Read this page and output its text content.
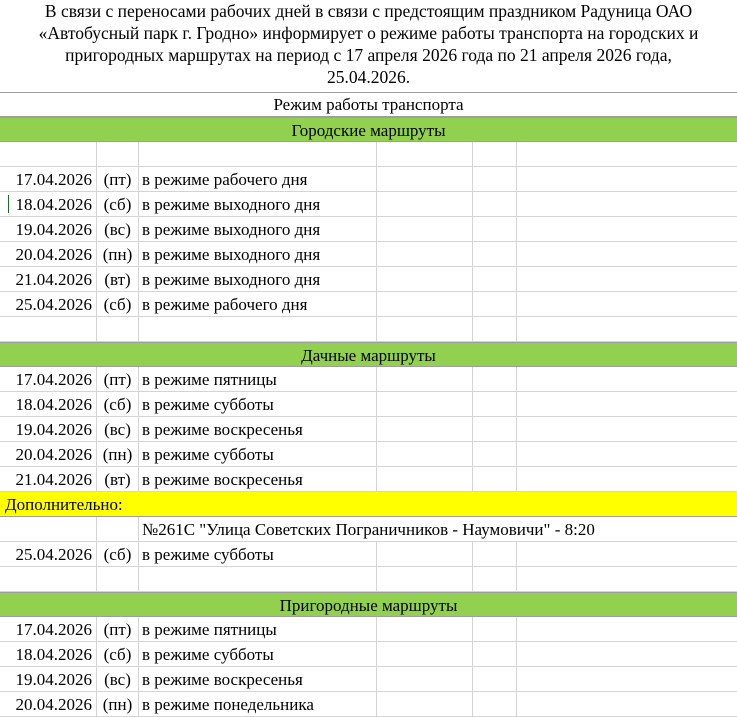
В связи с переносами рабочих дней в связи с предстоящим праздником Радуница ОАО
«Автобусный парк г. Гродно» информирует о режиме работы транспорта на городских и
пригородных маршрутах на период с 17 апреля 2026 года по 21 апреля 2026 года,
25.04.2026.
Режим работы транспорта
Городские маршруты
17.04.2026 (пт) в режиме рабочего дня
18.04.2026 (сб) в режиме выходного дня
19.04.2026 (вс) в режиме выходного дня
20.04.2026 (пн) в режиме выходного дня
21.04.2026 (вт) в режиме выходного дня
25.04.2026 (сб) в режиме рабочего дня
Дачные маршруты
17.04.2026 (пт) в режиме пятницы
18.04.2026 (сб) в режиме субботы
19.04.2026 (вс) в режиме воскресенья
20.04.2026 (пн) в режиме субботы
21.04.2026 (вт) в режиме воскресенья
Дополнительно:
№261С "Улица Советских Пограничников - Наумовичи" - 8:20
25.04.2026 (сб) в режиме субботы
Пригородные маршруты
17.04.2026 (пт) в режиме пятницы
18.04.2026 (сб) в режиме субботы
19.04.2026 (вс) в режиме воскресенья
20.04.2026 (пн) в режиме понедельника
